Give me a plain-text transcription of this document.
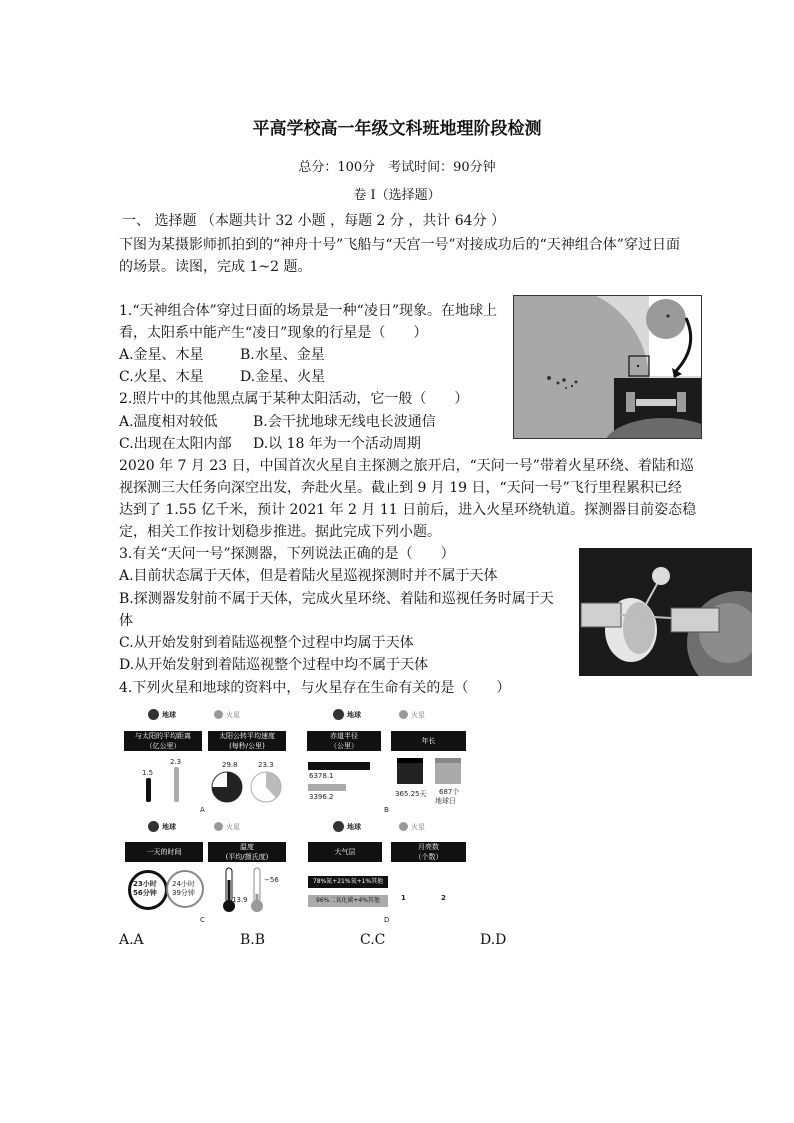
平高学校高一年级文科班地理阶段检测
总分：100分　考试时间：90分钟
卷 I（选择题）
一、 选择题 （本题共计 32 小题 ，每题 2 分 ，共计 64分 ）
下图为某摄影师抓拍到的“神舟十号”飞船与“天宫一号”对接成功后的“天神组合体”穿过日面
的场景。读图，完成 1~2 题。
1.“天神组合体”穿过日面的场景是一种“凌日”现象。在地球上
看，太阳系中能产生“凌日”现象的行星是（　　）
A.金星、木星	B.水星、金星
C.火星、木星	D.金星、火星
2.照片中的其他黑点属于某种太阳活动，它一般（　　）
A.温度相对较低	B.会干扰地球无线电长波通信
C.出现在太阳内部 D.以 18 年为一个活动周期
2020 年 7 月 23 日，中国首次火星自主探测之旅开启，“天问一号”带着火星环绕、着陆和巡
视探测三大任务向深空出发，奔赴火星。截止到 9 月 19 日，“天问一号”飞行里程累积已经
达到了 1.55 亿千米，预计 2021 年 2 月 11 日前后，进入火星环绕轨道。探测器目前姿态稳
定，相关工作按计划稳步推进。据此完成下列小题。
3.有关“天问一号”探测器，下列说法正确的是（　　）
A.目前状态属于天体，但是着陆火星巡视探测时并不属于天体
B.探测器发射前不属于天体，完成火星环绕、着陆和巡视任务时属于天
体
C.从开始发射到着陆巡视整个过程中均属于天体
D.从开始发射到着陆巡视整个过程中均不属于天体
4.下列火星和地球的资料中，与火星存在生命有关的是（　　）
地球	火星
与太阳的平均距离
（亿公里）
太阳公转平均速度
(每秒/公里)
1.5
2.3	29.8	23.3
A
地球	火星
赤道半径
（公里）
年长
6378.1
3396.2	365.25天 687个
地球日
B
地球	火星
一天的时间
温度
(平均/摄氏度)
23小时
56分钟
24小时
39分钟
13.9
−56
C
地球	火星
大气层
月亮数
（个数）
78%氮+21%氧+1%其他
96%二氧化碳+4%其他	1	2
D
A.A	B.B	C.C	D.D
